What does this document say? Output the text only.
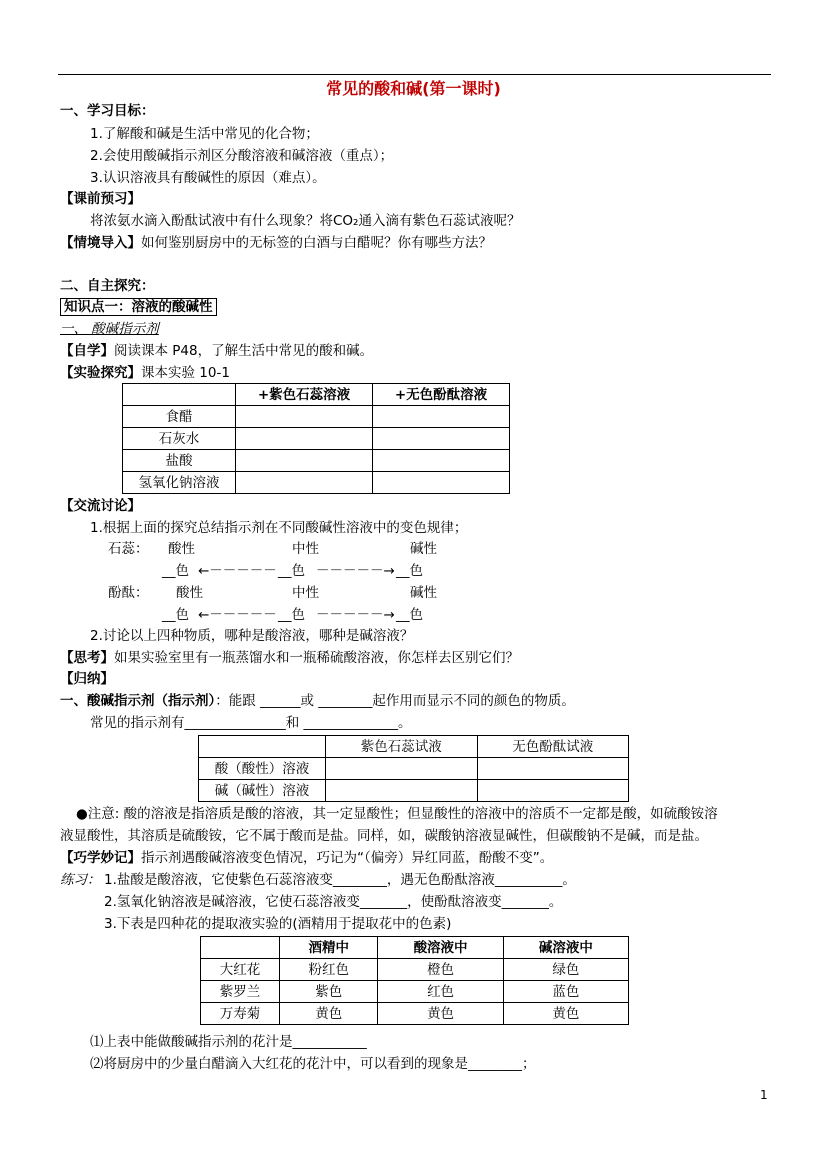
常见的酸和碱(第一课时)
一、学习目标：
1.了解酸和碱是生活中常见的化合物；
2.会使用酸碱指示剂区分酸溶液和碱溶液（重点）；
3.认识溶液具有酸碱性的原因（难点）。
【课前预习】
将浓氨水滴入酚酞试液中有什么现象？将CO₂通入滴有紫色石蕊试液呢？
【情境导入】如何鉴别厨房中的无标签的白酒与白醋呢？你有哪些方法？
二、自主探究：
知识点一：溶液的酸碱性
一、 酸碱指示剂
【自学】阅读课本 P48，了解生活中常见的酸和碱。
【实验探究】课本实验 10-1
	+紫色石蕊溶液	+无色酚酞溶液
食醋		
石灰水		
盐酸		
氢氧化钠溶液		
【交流讨论】
1.根据上面的探究总结指示剂在不同酸碱性溶液中的变色规律；
石蕊： 酸性	中性	碱性
__色 ←－－－－－ __色 －－－－－→ __色
酚酞： 酸性	中性	碱性
__色 ←－－－－－ __色 －－－－－→ __色
2.讨论以上四种物质，哪种是酸溶液，哪种是碱溶液？
【思考】如果实验室里有一瓶蒸馏水和一瓶稀硫酸溶液，你怎样去区别它们？
【归纳】
一、酸碱指示剂（指示剂）：能跟 ______或 ________起作用而显示不同的颜色的物质。
常见的指示剂有_______________和 ______________。
	紫色石蕊试液	无色酚酞试液
酸（酸性）溶液		
碱（碱性）溶液		
●注意: 酸的溶液是指溶质是酸的溶液，其一定显酸性；但显酸性的溶液中的溶质不一定都是酸，如硫酸铵溶
液显酸性，其溶质是硫酸铵，它不属于酸而是盐。同样，如，碳酸钠溶液显碱性，但碳酸钠不是碱，而是盐。
【巧学妙记】指示剂遇酸碱溶液变色情况，巧记为“（偏旁）异红同蓝，酚酸不变”。
练习： 1.盐酸是酸溶液，它使紫色石蕊溶液变________，遇无色酚酞溶液__________。
2.氢氧化钠溶液是碱溶液，它使石蕊溶液变_______，使酚酞溶液变_______。
3.下表是四种花的提取液实验的(酒精用于提取花中的色素)
	酒精中	酸溶液中	碱溶液中
大红花	粉红色	橙色	绿色
紫罗兰	紫色	红色	蓝色
万寿菊	黄色	黄色	黄色
⑴上表中能做酸碱指示剂的花汁是___________
⑵将厨房中的少量白醋滴入大红花的花汁中，可以看到的现象是________；
1
